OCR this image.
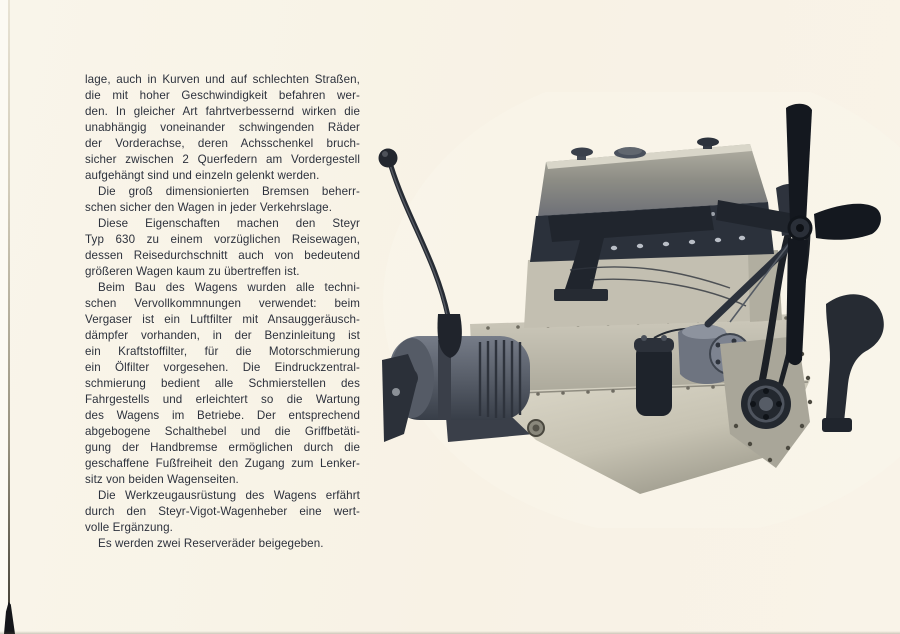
lage, auch in Kurven und auf schlechten Straßen,
die mit hoher Geschwindigkeit befahren wer-
den. In gleicher Art fahrtverbessernd wirken die
unabhängig voneinander schwingenden Räder
der Vorderachse, deren Achsschenkel bruch-
sicher zwischen 2 Querfedern am Vordergestell
aufgehängt sind und einzeln gelenkt werden.
Die groß dimensionierten Bremsen beherr-
schen sicher den Wagen in jeder Verkehrslage.
Diese Eigenschaften machen den Steyr
Typ 630 zu einem vorzüglichen Reisewagen,
dessen Reisedurchschnitt auch von bedeutend
größeren Wagen kaum zu übertreffen ist.
Beim Bau des Wagens wurden alle techni-
schen Vervollkommnungen verwendet: beim
Vergaser ist ein Luftfilter mit Ansauggeräusch-
dämpfer vorhanden, in der Benzinleitung ist
ein Kraftstoffilter, für die Motorschmierung
ein Ölfilter vorgesehen. Die Eindruckzentral-
schmierung bedient alle Schmierstellen des
Fahrgestells und erleichtert so die Wartung
des Wagens im Betriebe. Der entsprechend
abgebogene Schalthebel und die Griffbetäti-
gung der Handbremse ermöglichen durch die
geschaffene Fußfreiheit den Zugang zum Lenker-
sitz von beiden Wagenseiten.
Die Werkzeugausrüstung des Wagens erfährt
durch den Steyr-Vigot-Wagenheber eine wert-
volle Ergänzung.
Es werden zwei Reserveräder beigegeben.
